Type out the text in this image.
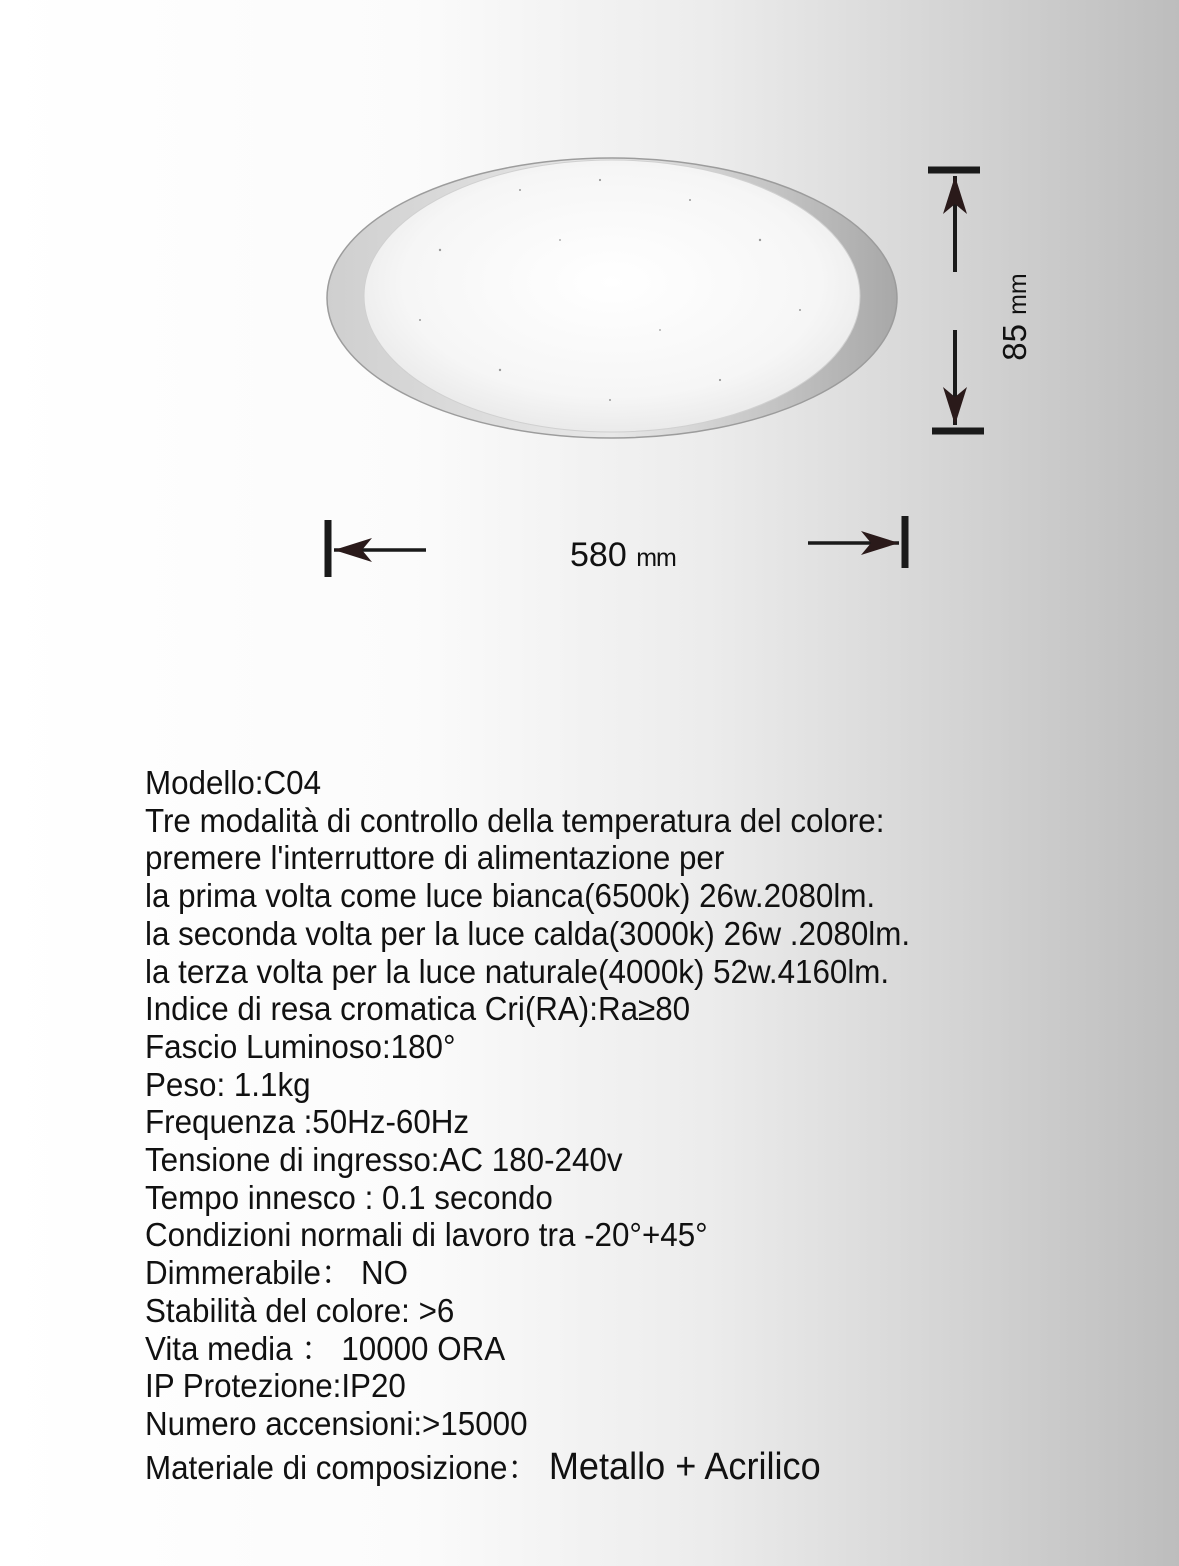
580 mm
85 mm
Modello:C04
Tre modalità di controllo della temperatura del colore:
premere l'interruttore di alimentazione per
la prima volta come luce bianca(6500k) 26w.2080lm.
la seconda volta per la luce calda(3000k) 26w .2080lm.
la terza volta per la luce naturale(4000k) 52w.4160lm.
Indice di resa cromatica Cri(RA):Ra≥80
Fascio Luminoso:180°
Peso: 1.1kg
Frequenza :50Hz-60Hz
Tensione di ingresso:AC 180-240v
Tempo innesco : 0.1 secondo
Condizioni normali di lavoro tra -20°+45°
Dimmerabile： NO
Stabilità del colore: >6
Vita media ： 10000 ORA
IP Protezione:IP20
Numero accensioni:>15000
Materiale di composizione： Metallo + Acrilico
